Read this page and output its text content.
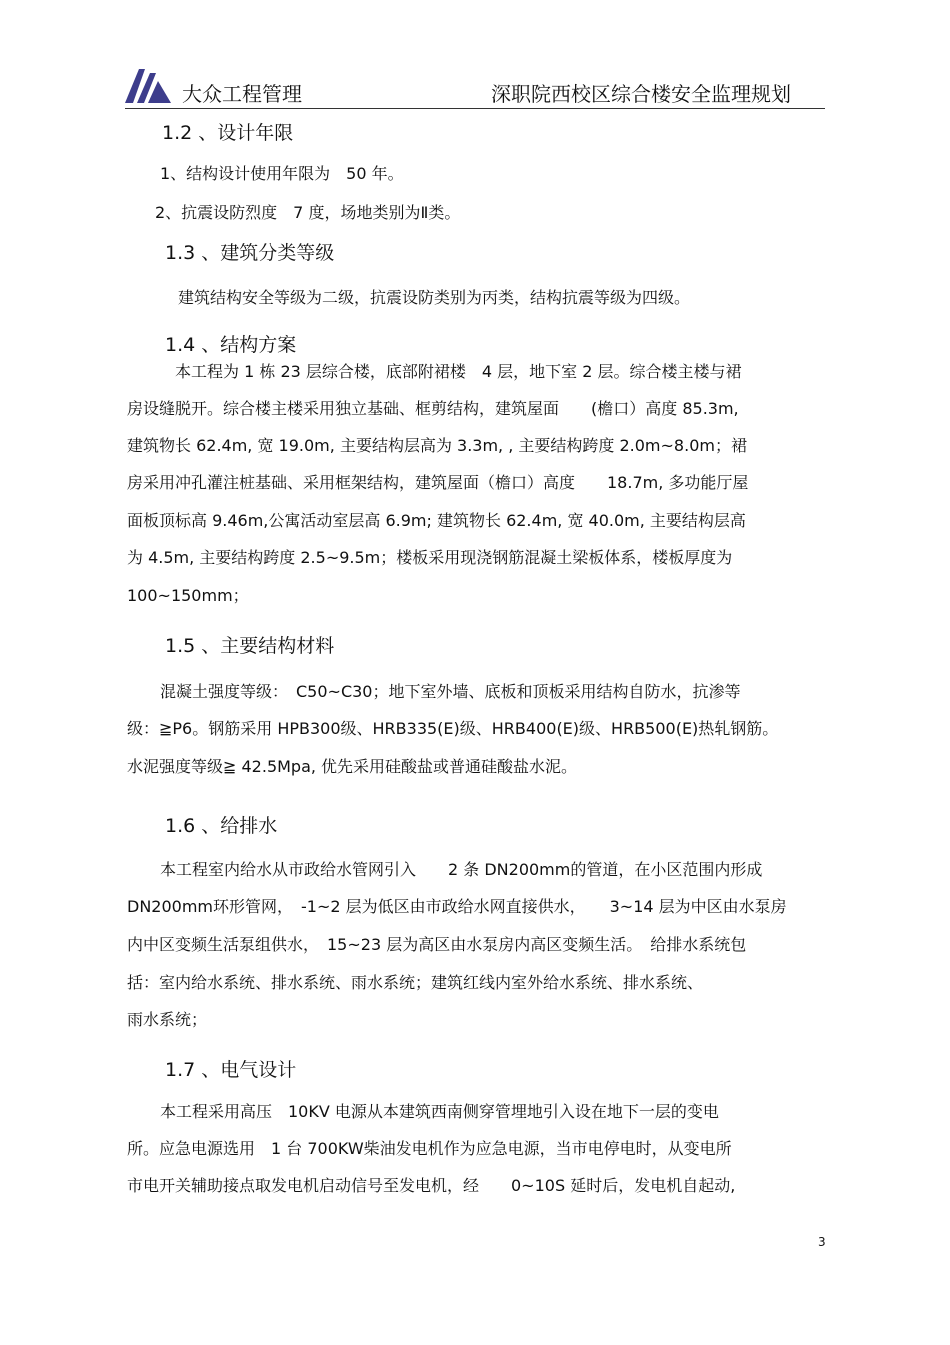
大众工程管理	深职院西校区综合楼安全监理规划
1.2 、设计年限
1、结构设计使用年限为　50 年。
2、抗震设防烈度　7 度，场地类别为Ⅱ类。
1.3 、建筑分类等级
建筑结构安全等级为二级，抗震设防类别为丙类，结构抗震等级为四级。
1.4 、结构方案
本工程为 1 栋 23 层综合楼，底部附裙楼　4 层，地下室 2 层。综合楼主楼与裙
房设缝脱开。综合楼主楼采用独立基础、框剪结构，建筑屋面　　(檐口）高度 85.3m,
建筑物长 62.4m, 宽 19.0m, 主要结构层高为 3.3m, , 主要结构跨度 2.0m~8.0m；裙
房采用冲孔灌注桩基础、采用框架结构，建筑屋面（檐口）高度　　18.7m, 多功能厅屋
面板顶标高 9.46m,公寓活动室层高 6.9m; 建筑物长 62.4m, 宽 40.0m, 主要结构层高
为 4.5m, 主要结构跨度 2.5~9.5m；楼板采用现浇钢筋混凝土梁板体系，楼板厚度为
100~150mm；
1.5 、主要结构材料
混凝土强度等级：　C50~C30；地下室外墙、底板和顶板采用结构自防水，抗渗等
级：≧P6。钢筋采用 HPB300级、HRB335(E)级、HRB400(E)级、HRB500(E)热轧钢筋。
水泥强度等级≧ 42.5Mpa, 优先采用硅酸盐或普通硅酸盐水泥。
1.6 、给排水
本工程室内给水从市政给水管网引入　　2 条 DN200mm的管道，在小区范围内形成
DN200mm环形管网，　-1~2 层为低区由市政给水网直接供水，　　3~14 层为中区由水泵房
内中区变频生活泵组供水，　15~23 层为高区由水泵房内高区变频生活。　给排水系统包
括：室内给水系统、排水系统、雨水系统；建筑红线内室外给水系统、排水系统、
雨水系统；
1.7 、电气设计
本工程采用高压　10KV 电源从本建筑西南侧穿管埋地引入设在地下一层的变电
所。应急电源选用　1 台 700KW柴油发电机作为应急电源，当市电停电时，从变电所
市电开关辅助接点取发电机启动信号至发电机，经　　0~10S 延时后，发电机自起动,
3
